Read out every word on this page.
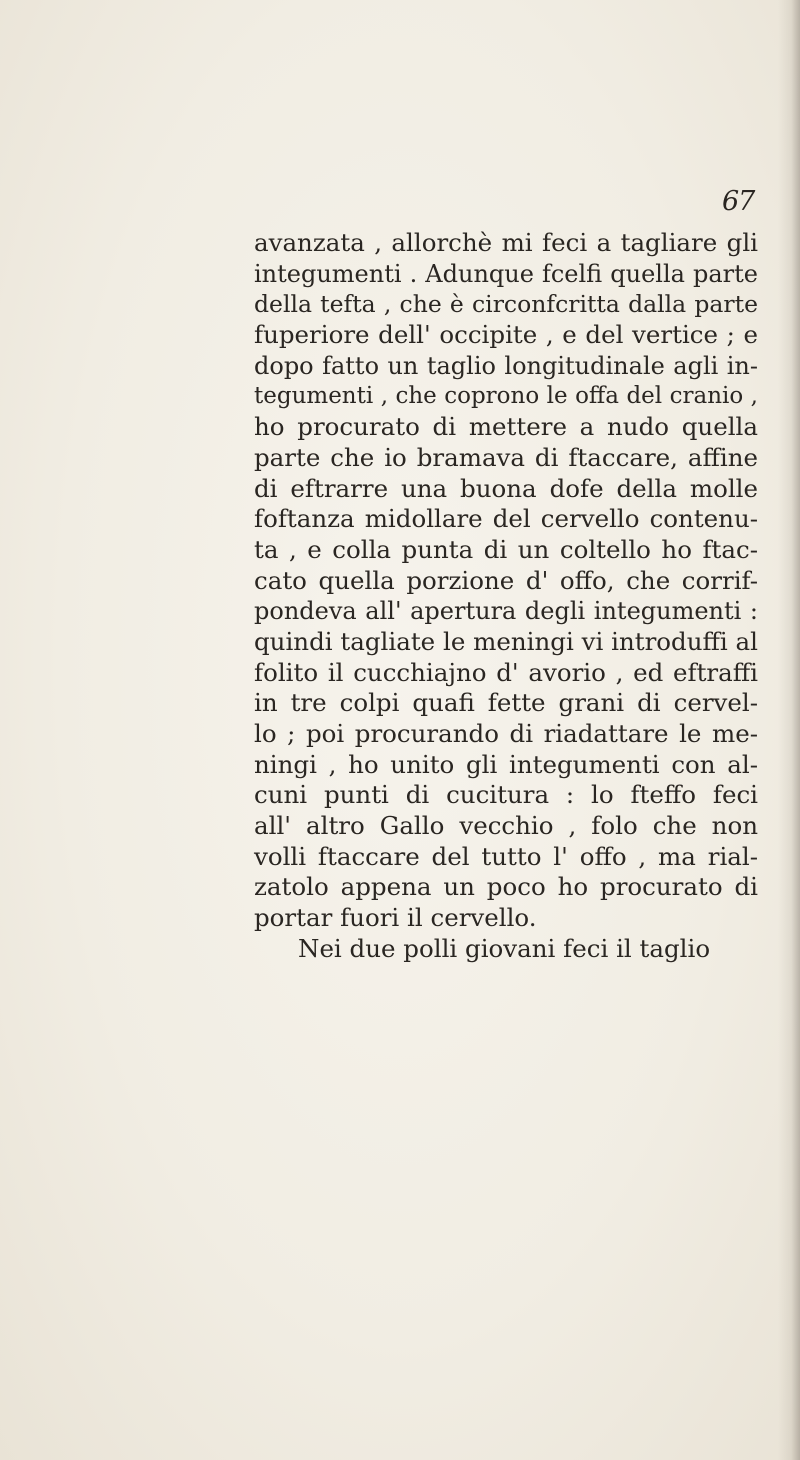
67
avanzata , allorchè mi feci a tagliare gli
integumenti . Adunque fcelfi quella parte
della tefta , che è circonfcritta dalla parte
fuperiore dell' occipite , e del vertice ; e
dopo fatto un taglio longitudinale agli in-
tegumenti , che coprono le offa del cranio ,
ho procurato di mettere a nudo quella
parte che io bramava di ftaccare, affine
di eftrarre una buona dofe della molle
foftanza midollare del cervello contenu-
ta , e colla punta di un coltello ho ftac-
cato quella porzione d' offo, che corrif-
pondeva all' apertura degli integumenti :
quindi tagliate le meningi vi introduffi al
folito il cucchiajno d' avorio , ed eftraffi
in tre colpi quafi fette grani di cervel-
lo ; poi procurando di riadattare le me-
ningi , ho unito gli integumenti con al-
cuni punti di cucitura : lo fteffo feci
all' altro Gallo vecchio , folo che non
volli ftaccare del tutto l' offo , ma rial-
zatolo appena un poco ho procurato di
portar fuori il cervello.
Nei due polli giovani feci il taglio
